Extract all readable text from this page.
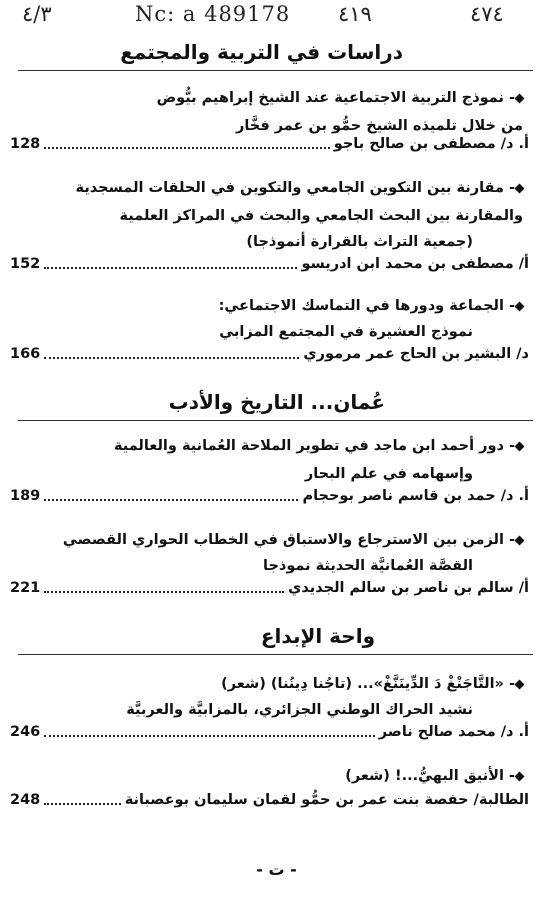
٤/٣	Nc: a 489178 ٤١٩	٤٧٤
دراسات في التربية والمجتمع
- نموذج التربية الاجتماعية عند الشيخ إبراهيم بيُّوض
من خلال تلميذه الشيخ حمُّو بن عمر فخَّار
أ. د/ مصطفى بن صالح باجو
128
- مقارنة بين التكوين الجامعي والتكوين في الحلقات المسجدية
والمقارنة بين البحث الجامعي والبحث في المراكز العلمية
(جمعية التراث بالقرارة أنموذجا)
أ/ مصطفى بن محمد ابن ادريسو
152
- الجماعة ودورها في التماسك الاجتماعي:
نموذج العشيرة في المجتمع المزابي
د/ البشير بن الحاج عمر مرموري
166
عُمان... التاريخ والأدب
- دور أحمد ابن ماجد في تطوير الملاحة العُمانية والعالمية
وإسهامه في علم البحار
أ. د/ حمد بن قاسم ناصر بوحجام
189
- الزمن بين الاسترجاع والاستباق في الخطاب الحواري القصصي
القصَّة العُمانيَّة الحديثة نموذجا
أ/ سالم بن ناصر بن سالم الجديدي
221
واحة الإبداع
- «التَّاجَنْغْ دَ الدِّينَنَّغْ»... (تاجُنا دِينُنا) (شعر)
نشيد الحراك الوطني الجزائري، بالمزابيَّة والعربيَّة
أ. د/ محمد صالح ناصر
246
- الأنيق البهيُّ...! (شعر)
الطالبة/ حفصة بنت عمر بن حمُّو لقمان سليمان بوعصبانة
248
- ت -
